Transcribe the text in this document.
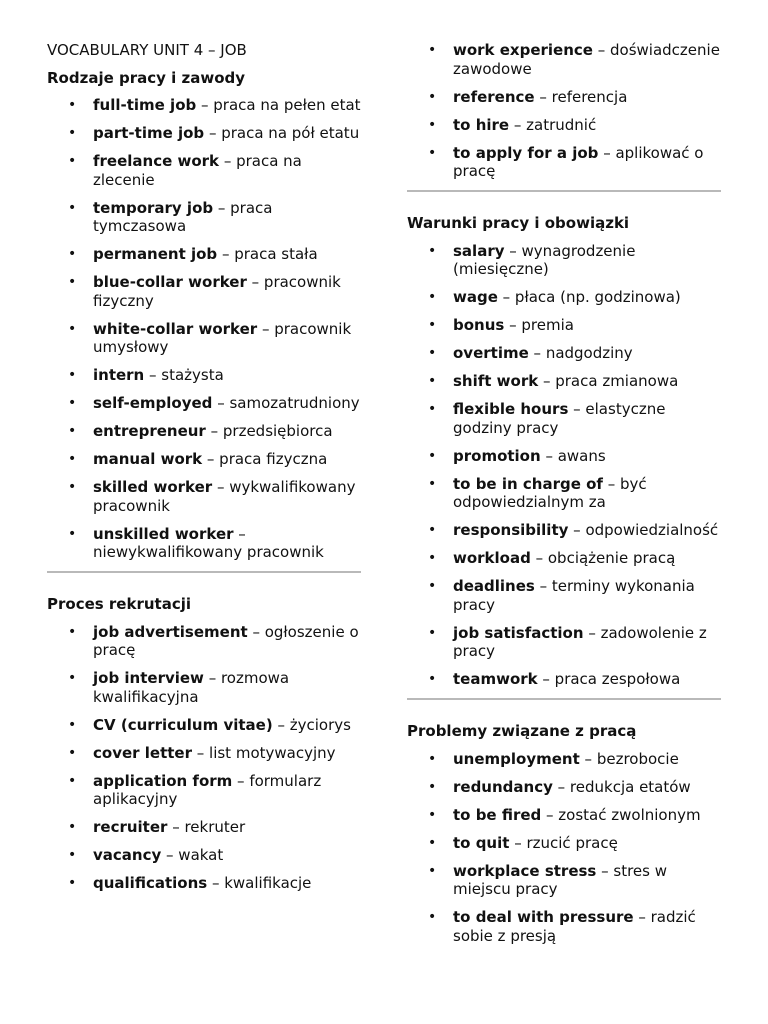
VOCABULARY UNIT 4 – JOB
Rodzaje pracy i zawody
• full-time job – praca na pełen etat
• part-time job – praca na pół etatu
• freelance work – praca na zlecenie
• temporary job – praca tymczasowa
• permanent job – praca stała
• blue-collar worker – pracownik fizyczny
• white-collar worker – pracownik umysłowy
• intern – stażysta
• self-employed – samozatrudniony
• entrepreneur – przedsiębiorca
• manual work – praca fizyczna
• skilled worker – wykwalifikowany pracownik
• unskilled worker – niewykwalifikowany pracownik
Proces rekrutacji
• job advertisement – ogłoszenie o pracę
• job interview – rozmowa kwalifikacyjna
• CV (curriculum vitae) – życiorys
• cover letter – list motywacyjny
• application form – formularz aplikacyjny
• recruiter – rekruter
• vacancy – wakat
• qualifications – kwalifikacje
• work experience – doświadczenie zawodowe
• reference – referencja
• to hire – zatrudnić
• to apply for a job – aplikować o pracę
Warunki pracy i obowiązki
• salary – wynagrodzenie (miesięczne)
• wage – płaca (np. godzinowa)
• bonus – premia
• overtime – nadgodziny
• shift work – praca zmianowa
• flexible hours – elastyczne godziny pracy
• promotion – awans
• to be in charge of – być odpowiedzialnym za
• responsibility – odpowiedzialność
• workload – obciążenie pracą
• deadlines – terminy wykonania pracy
• job satisfaction – zadowolenie z pracy
• teamwork – praca zespołowa
Problemy związane z pracą
• unemployment – bezrobocie
• redundancy – redukcja etatów
• to be fired – zostać zwolnionym
• to quit – rzucić pracę
• workplace stress – stres w miejscu pracy
• to deal with pressure – radzić sobie z presją
